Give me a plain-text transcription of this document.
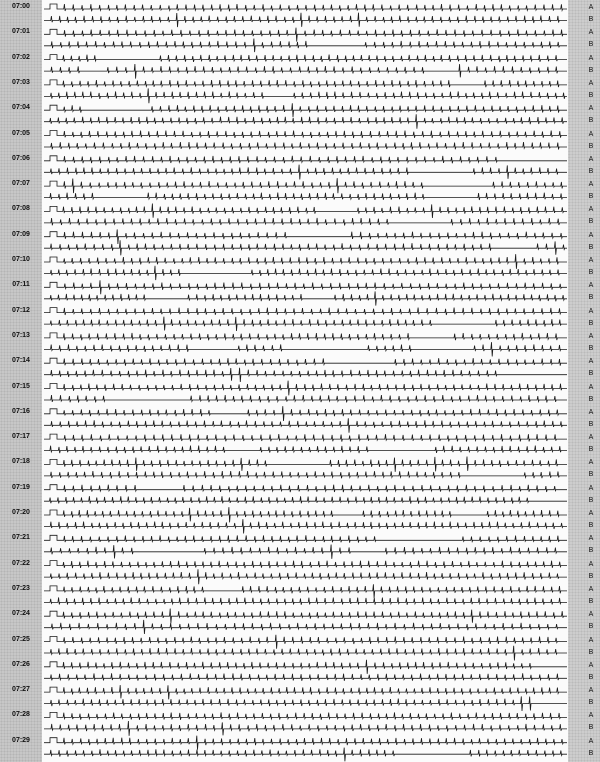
07:00	A
B
07:01	A
B
07:02	A
B
07:03	A
B
07:04	A
B
07:05	A
B
07:06	A
B
07:07	A
B
07:08	A
B
07:09	A
B
07:10	A
B
07:11	A
B
07:12	A
B
07:13	A
B
07:14	A
B
07:15	A
B
07:16	A
B
07:17	A
B
07:18	A
B
07:19	A
B
07:20	A
B
07:21	A
B
07:22	A
B
07:23	A
B
07:24	A
B
07:25	A
B
07:26	A
B
07:27	A
B
07:28	A
B
07:29	A
B
